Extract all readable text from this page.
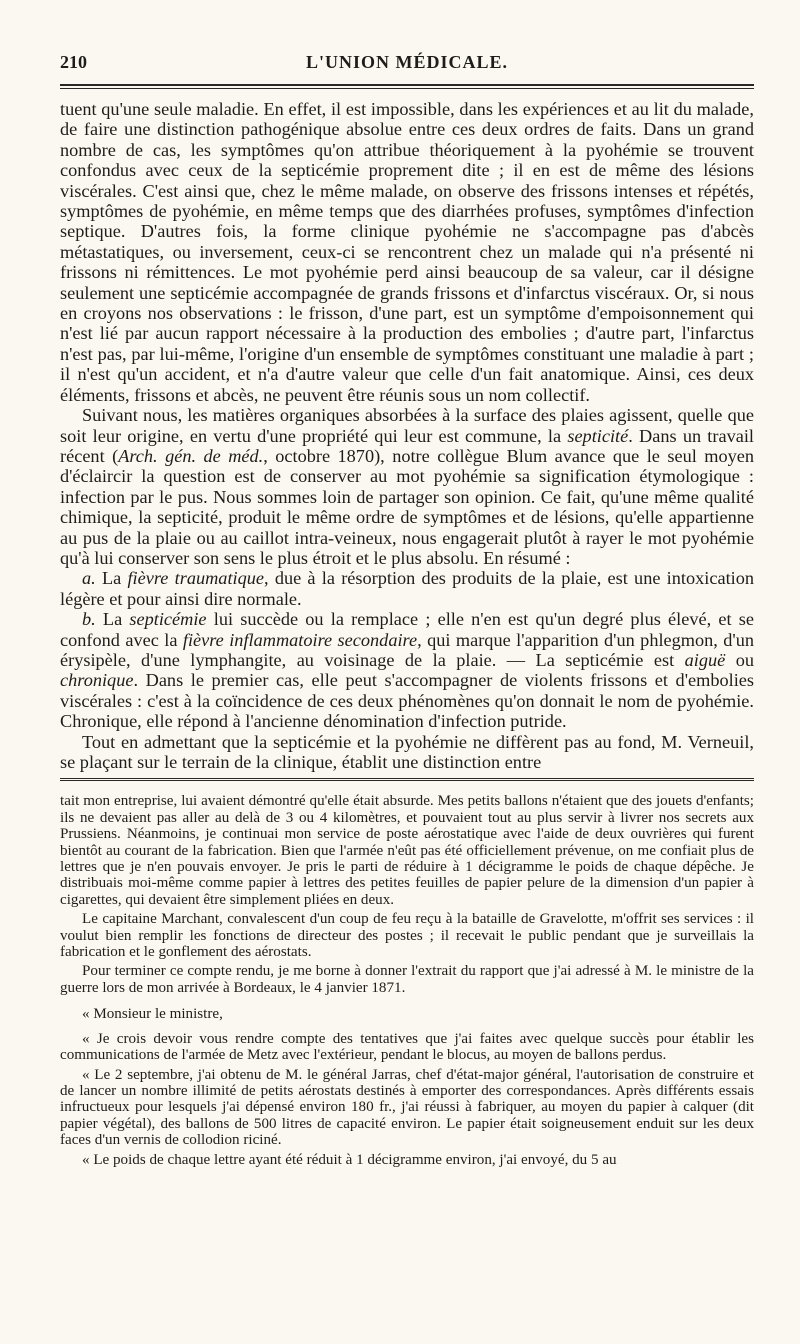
210	L'UNION MÉDICALE.

tuent qu'une seule maladie. En effet, il est impossible, dans les expériences et au lit du malade, de faire une distinction pathogénique absolue entre ces deux ordres de faits. Dans un grand nombre de cas, les symptômes qu'on attribue théoriquement à la pyohémie se trouvent confondus avec ceux de la septicémie proprement dite ; il en est de même des lésions viscérales. C'est ainsi que, chez le même malade, on observe des frissons intenses et répétés, symptômes de pyohémie, en même temps que des diarrhées profuses, symptômes d'infection septique. D'autres fois, la forme clinique pyohémie ne s'accompagne pas d'abcès métastatiques, ou inversement, ceux-ci se rencontrent chez un malade qui n'a présenté ni frissons ni rémittences. Le mot pyohémie perd ainsi beaucoup de sa valeur, car il désigne seulement une septicémie accompagnée de grands frissons et d'infarctus viscéraux. Or, si nous en croyons nos observations : le frisson, d'une part, est un symptôme d'empoisonnement qui n'est lié par aucun rapport nécessaire à la production des embolies ; d'autre part, l'infarctus n'est pas, par lui-même, l'origine d'un ensemble de symptômes constituant une maladie à part ; il n'est qu'un accident, et n'a d'autre valeur que celle d'un fait anatomique. Ainsi, ces deux éléments, frissons et abcès, ne peuvent être réunis sous un nom collectif.

Suivant nous, les matières organiques absorbées à la surface des plaies agissent, quelle que soit leur origine, en vertu d'une propriété qui leur est commune, la septicité. Dans un travail récent (Arch. gén. de méd., octobre 1870), notre collègue Blum avance que le seul moyen d'éclaircir la question est de conserver au mot pyohémie sa signification étymologique : infection par le pus. Nous sommes loin de partager son opinion. Ce fait, qu'une même qualité chimique, la septicité, produit le même ordre de symptômes et de lésions, qu'elle appartienne au pus de la plaie ou au caillot intra-veineux, nous engagerait plutôt à rayer le mot pyohémie qu'à lui conserver son sens le plus étroit et le plus absolu. En résumé :

a. La fièvre traumatique, due à la résorption des produits de la plaie, est une intoxication légère et pour ainsi dire normale.

b. La septicémie lui succède ou la remplace ; elle n'en est qu'un degré plus élevé, et se confond avec la fièvre inflammatoire secondaire, qui marque l'apparition d'un phlegmon, d'un érysipèle, d'une lymphangite, au voisinage de la plaie. — La septicémie est aiguë ou chronique. Dans le premier cas, elle peut s'accompagner de violents frissons et d'embolies viscérales : c'est à la coïncidence de ces deux phénomènes qu'on donnait le nom de pyohémie. Chronique, elle répond à l'ancienne dénomination d'infection putride.

Tout en admettant que la septicémie et la pyohémie ne diffèrent pas au fond, M. Verneuil, se plaçant sur le terrain de la clinique, établit une distinction entre

tait mon entreprise, lui avaient démontré qu'elle était absurde. Mes petits ballons n'étaient que des jouets d'enfants; ils ne devaient pas aller au delà de 3 ou 4 kilomètres, et pouvaient tout au plus servir à livrer nos secrets aux Prussiens. Néanmoins, je continuai mon service de poste aérostatique avec l'aide de deux ouvrières qui furent bientôt au courant de la fabrication. Bien que l'armée n'eût pas été officiellement prévenue, on me confiait plus de lettres que je n'en pouvais envoyer. Je pris le parti de réduire à 1 décigramme le poids de chaque dépêche. Je distribuais moi-même comme papier à lettres des petites feuilles de papier pelure de la dimension d'un papier à cigarettes, qui devaient être simplement pliées en deux.

Le capitaine Marchant, convalescent d'un coup de feu reçu à la bataille de Gravelotte, m'offrit ses services : il voulut bien remplir les fonctions de directeur des postes ; il recevait le public pendant que je surveillais la fabrication et le gonflement des aérostats.

Pour terminer ce compte rendu, je me borne à donner l'extrait du rapport que j'ai adressé à M. le ministre de la guerre lors de mon arrivée à Bordeaux, le 4 janvier 1871.

« Monsieur le ministre,

« Je crois devoir vous rendre compte des tentatives que j'ai faites avec quelque succès pour établir les communications de l'armée de Metz avec l'extérieur, pendant le blocus, au moyen de ballons perdus.

« Le 2 septembre, j'ai obtenu de M. le général Jarras, chef d'état-major général, l'autorisation de construire et de lancer un nombre illimité de petits aérostats destinés à emporter des correspondances. Après différents essais infructueux pour lesquels j'ai dépensé environ 180 fr., j'ai réussi à fabriquer, au moyen du papier à calquer (dit papier végétal), des ballons de 500 litres de capacité environ. Le papier était soigneusement enduit sur les deux faces d'un vernis de collodion riciné.

« Le poids de chaque lettre ayant été réduit à 1 décigramme environ, j'ai envoyé, du 5 au
